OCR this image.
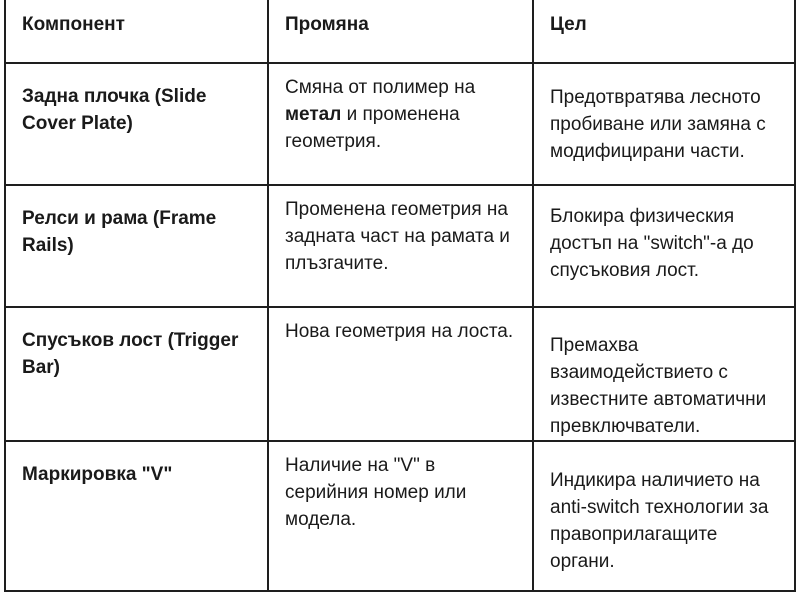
Компонент	Промяна	Цел

Задна плочка (Slide Cover Plate)	Смяна от полимер на метал и променена геометрия.	Предотвратява лесното пробиване или замяна с модифицирани части.

Релси и рама (Frame Rails)	Променена геометрия на задната част на рамата и плъзгачите.	Блокира физическия достъп на "switch"-а до спусъковия лост.

Спусъков лост (Trigger Bar)	Нова геометрия на лоста.	Премахва взаимодействието с известните автоматични превключватели.

Маркировка "V"	Наличие на "V" в серийния номер или модела.	Индикира наличието на anti-switch технологии за правоприлагащите органи.
